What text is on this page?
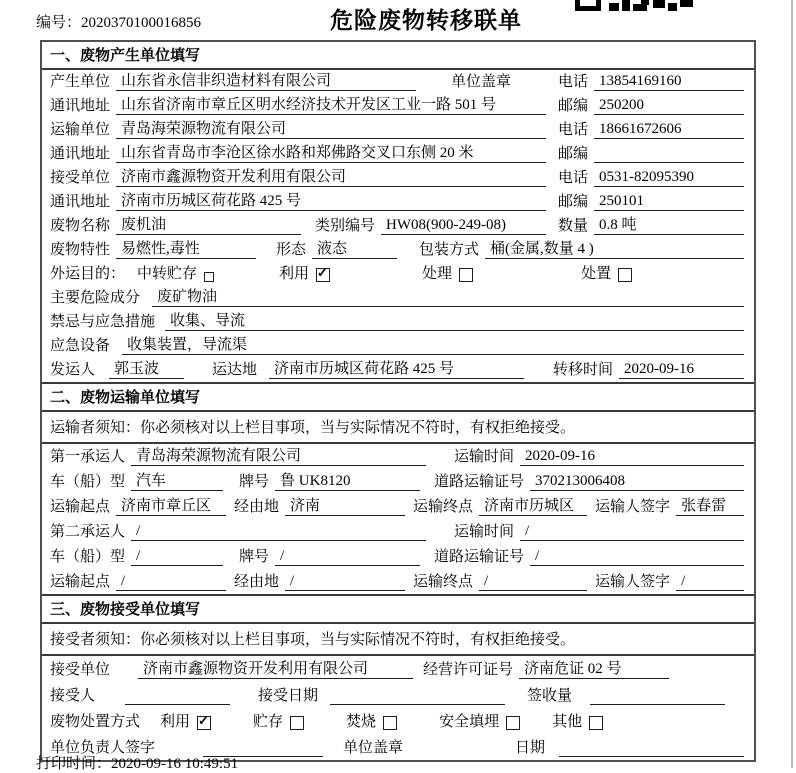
编号：2020370100016856	危险废物转移联单
一、废物产生单位填写
产生单位 山东省永信非织造材料有限公司	单位盖章	电话 13854169160
通讯地址 山东省济南市章丘区明水经济技术开发区工业一路 501 号	邮编 250200
运输单位 青岛海荣源物流有限公司	电话 18661672606
通讯地址 山东省青岛市李沧区徐水路和郑佛路交叉口东侧 20 米	邮编
接受单位 济南市鑫源物资开发利用有限公司	电话 0531-82095390
通讯地址 济南市历城区荷花路 425 号	邮编 250101
废物名称 废机油	类别编号 HW08(900-249-08)	数量 0.8 吨
废物特性 易燃性,毒性	形态 液态	包装方式 桶(金属,数量 4 )
外运目的： 中转贮存	利用 ✓	处理	处置
主要危险成分	废矿物油
禁忌与应急措施	收集、导流
应急设备	收集装置，导流渠
发运人	郭玉波	运达地	济南市历城区荷花路 425 号	转移时间 2020-09-16
二、废物运输单位填写
运输者须知：你必须核对以上栏目事项，当与实际情况不符时，有权拒绝接受。
第一承运人 青岛海荣源物流有限公司	运输时间 2020-09-16
车（船）型 汽车	牌号 鲁 UK8120	道路运输证号 370213006408
运输起点 济南市章丘区	经由地 济南	运输终点 济南市历城区	运输人签字 张春雷
第二承运人 /	运输时间 /
车（船）型 /	牌号 /	道路运输证号 /
运输起点 /	经由地 /	运输终点 /	运输人签字 /
三、废物接受单位填写
接受者须知：你必须核对以上栏目事项，当与实际情况不符时，有权拒绝接受。
接受单位	济南市鑫源物资开发利用有限公司	经营许可证号 济南危证 02 号
接受人	接受日期	签收量
废物处置方式 利用 ✓	贮存	焚烧	安全填埋	其他
单位负责人签字	单位盖章	日期
打印时间：2020-09-16 10:49:51
